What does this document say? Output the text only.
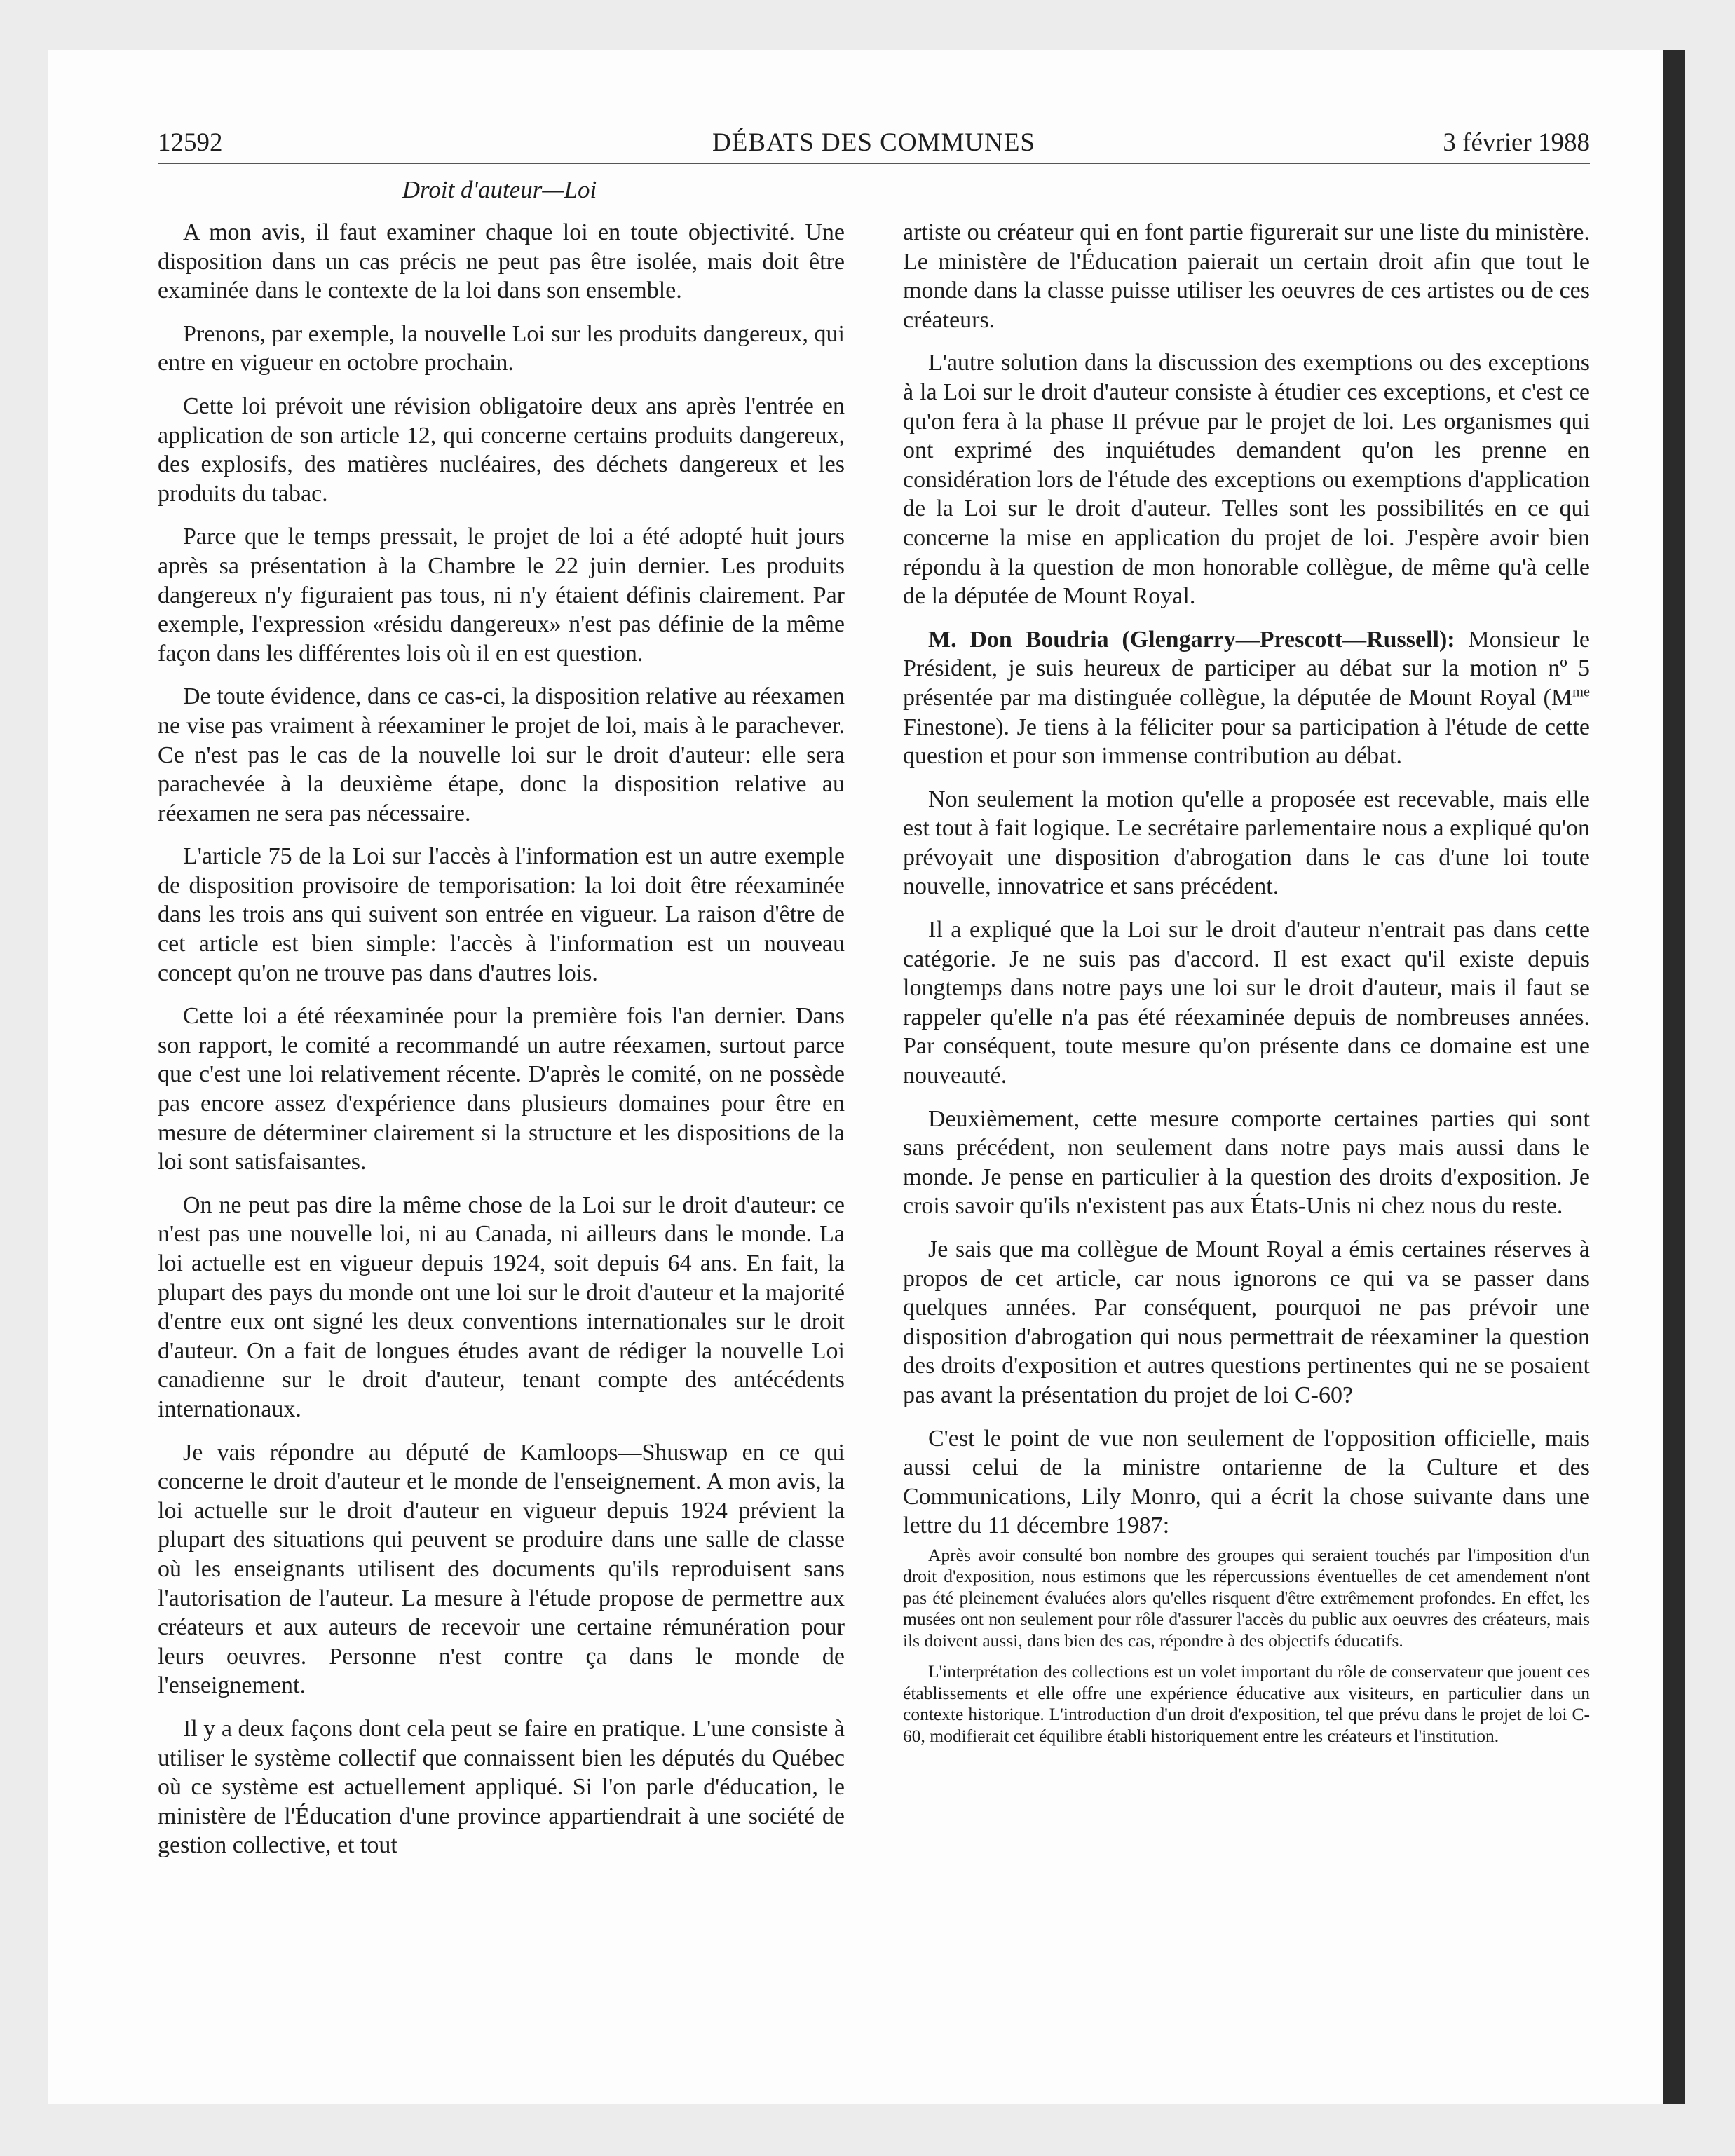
DÉBATS DES COMMUNES
12592	3 février 1988
Droit d'auteur—Loi

A mon avis, il faut examiner chaque loi en toute objectivité. Une disposition dans un cas précis ne peut pas être isolée, mais doit être examinée dans le contexte de la loi dans son ensemble.

Prenons, par exemple, la nouvelle Loi sur les produits dangereux, qui entre en vigueur en octobre prochain.

Cette loi prévoit une révision obligatoire deux ans après l'entrée en application de son article 12, qui concerne certains produits dangereux, des explosifs, des matières nucléaires, des déchets dangereux et les produits du tabac.

Parce que le temps pressait, le projet de loi a été adopté huit jours après sa présentation à la Chambre le 22 juin dernier. Les produits dangereux n'y figuraient pas tous, ni n'y étaient définis clairement. Par exemple, l'expression «résidu dangereux» n'est pas définie de la même façon dans les différentes lois où il en est question.

De toute évidence, dans ce cas-ci, la disposition relative au réexamen ne vise pas vraiment à réexaminer le projet de loi, mais à le parachever. Ce n'est pas le cas de la nouvelle loi sur le droit d'auteur: elle sera parachevée à la deuxième étape, donc la disposition relative au réexamen ne sera pas nécessaire.

L'article 75 de la Loi sur l'accès à l'information est un autre exemple de disposition provisoire de temporisation: la loi doit être réexaminée dans les trois ans qui suivent son entrée en vigueur. La raison d'être de cet article est bien simple: l'accès à l'information est un nouveau concept qu'on ne trouve pas dans d'autres lois.

Cette loi a été réexaminée pour la première fois l'an dernier. Dans son rapport, le comité a recommandé un autre réexamen, surtout parce que c'est une loi relativement récente. D'après le comité, on ne possède pas encore assez d'expérience dans plusieurs domaines pour être en mesure de déterminer clairement si la structure et les dispositions de la loi sont satisfaisantes.

On ne peut pas dire la même chose de la Loi sur le droit d'auteur: ce n'est pas une nouvelle loi, ni au Canada, ni ailleurs dans le monde. La loi actuelle est en vigueur depuis 1924, soit depuis 64 ans. En fait, la plupart des pays du monde ont une loi sur le droit d'auteur et la majorité d'entre eux ont signé les deux conventions internationales sur le droit d'auteur. On a fait de longues études avant de rédiger la nouvelle Loi canadienne sur le droit d'auteur, tenant compte des antécédents internationaux.

Je vais répondre au député de Kamloops—Shuswap en ce qui concerne le droit d'auteur et le monde de l'enseignement. A mon avis, la loi actuelle sur le droit d'auteur en vigueur depuis 1924 prévient la plupart des situations qui peuvent se produire dans une salle de classe où les enseignants utilisent des documents qu'ils reproduisent sans l'autorisation de l'auteur. La mesure à l'étude propose de permettre aux créateurs et aux auteurs de recevoir une certaine rémunération pour leurs oeuvres. Personne n'est contre ça dans le monde de l'enseignement.

Il y a deux façons dont cela peut se faire en pratique. L'une consiste à utiliser le système collectif que connaissent bien les députés du Québec où ce système est actuellement appliqué. Si l'on parle d'éducation, le ministère de l'Éducation d'une province appartiendrait à une société de gestion collective, et tout

artiste ou créateur qui en font partie figurerait sur une liste du ministère. Le ministère de l'Éducation paierait un certain droit afin que tout le monde dans la classe puisse utiliser les oeuvres de ces artistes ou de ces créateurs.

L'autre solution dans la discussion des exemptions ou des exceptions à la Loi sur le droit d'auteur consiste à étudier ces exceptions, et c'est ce qu'on fera à la phase II prévue par le projet de loi. Les organismes qui ont exprimé des inquiétudes demandent qu'on les prenne en considération lors de l'étude des exceptions ou exemptions d'application de la Loi sur le droit d'auteur. Telles sont les possibilités en ce qui concerne la mise en application du projet de loi. J'espère avoir bien répondu à la question de mon honorable collègue, de même qu'à celle de la députée de Mount Royal.

M. Don Boudria (Glengarry—Prescott—Russell): Monsieur le Président, je suis heureux de participer au débat sur la motion nº 5 présentée par ma distinguée collègue, la députée de Mount Royal ($M^{me}$ Finestone). Je tiens à la féliciter pour sa participation à l'étude de cette question et pour son immense contribution au débat.

Non seulement la motion qu'elle a proposée est recevable, mais elle est tout à fait logique. Le secrétaire parlementaire nous a expliqué qu'on prévoyait une disposition d'abrogation dans le cas d'une loi toute nouvelle, innovatrice et sans précédent.

Il a expliqué que la Loi sur le droit d'auteur n'entrait pas dans cette catégorie. Je ne suis pas d'accord. Il est exact qu'il existe depuis longtemps dans notre pays une loi sur le droit d'auteur, mais il faut se rappeler qu'elle n'a pas été réexaminée depuis de nombreuses années. Par conséquent, toute mesure qu'on présente dans ce domaine est une nouveauté.

Deuxièmement, cette mesure comporte certaines parties qui sont sans précédent, non seulement dans notre pays mais aussi dans le monde. Je pense en particulier à la question des droits d'exposition. Je crois savoir qu'ils n'existent pas aux États-Unis ni chez nous du reste.

Je sais que ma collègue de Mount Royal a émis certaines réserves à propos de cet article, car nous ignorons ce qui va se passer dans quelques années. Par conséquent, pourquoi ne pas prévoir une disposition d'abrogation qui nous permettrait de réexaminer la question des droits d'exposition et autres questions pertinentes qui ne se posaient pas avant la présentation du projet de loi C-60?

C'est le point de vue non seulement de l'opposition officielle, mais aussi celui de la ministre ontarienne de la Culture et des Communications, Lily Monro, qui a écrit la chose suivante dans une lettre du 11 décembre 1987:

Après avoir consulté bon nombre des groupes qui seraient touchés par l'imposition d'un droit d'exposition, nous estimons que les répercussions éventuelles de cet amendement n'ont pas été pleinement évaluées alors qu'elles risquent d'être extrêmement profondes. En effet, les musées ont non seulement pour rôle d'assurer l'accès du public aux oeuvres des créateurs, mais ils doivent aussi, dans bien des cas, répondre à des objectifs éducatifs.

L'interprétation des collections est un volet important du rôle de conservateur que jouent ces établissements et elle offre une expérience éducative aux visiteurs, en particulier dans un contexte historique. L'introduction d'un droit d'exposition, tel que prévu dans le projet de loi C-60, modifierait cet équilibre établi historiquement entre les créateurs et l'institution.
